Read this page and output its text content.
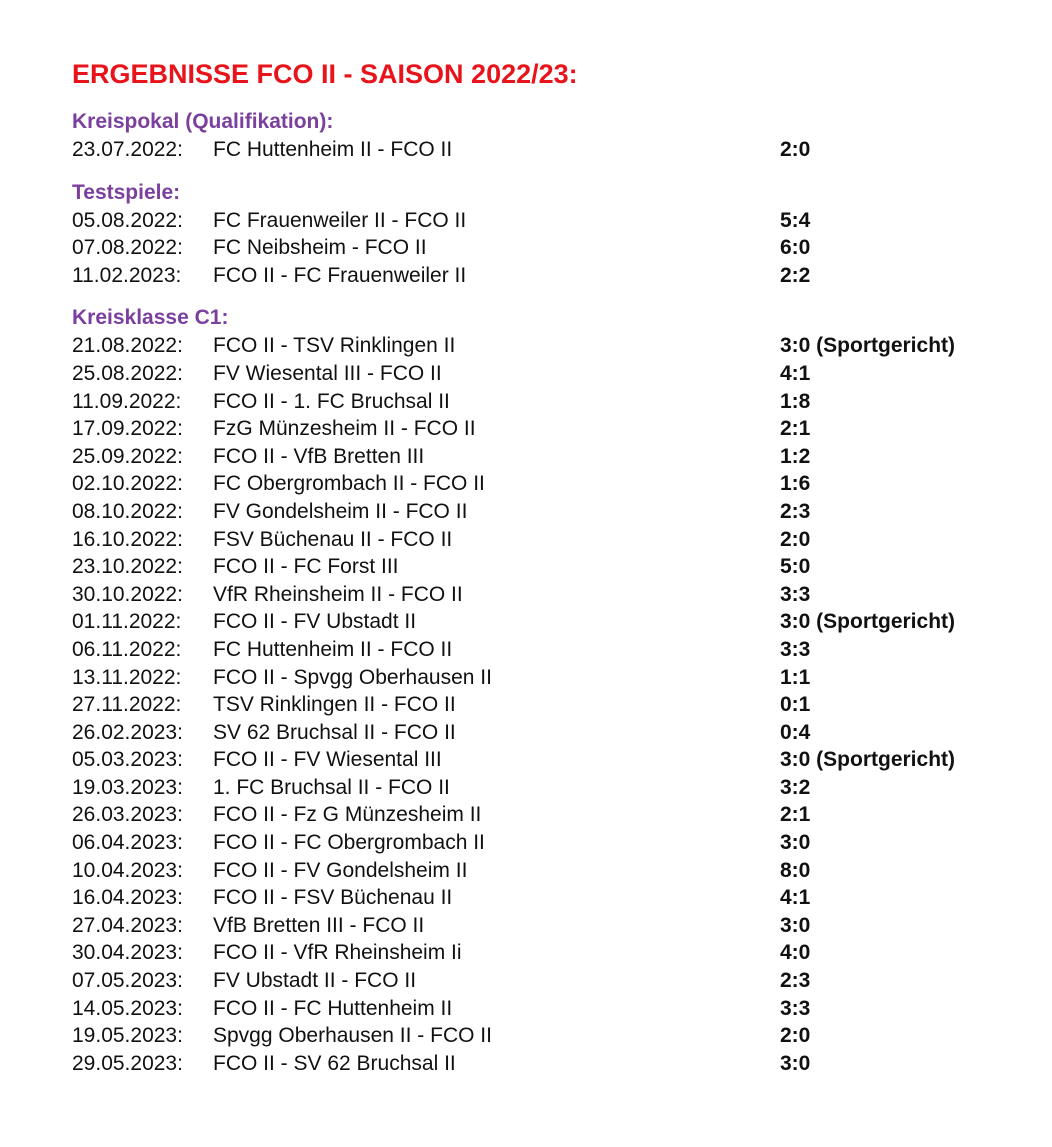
ERGEBNISSE FCO II - SAISON 2022/23:
Kreispokal (Qualifikation):
23.07.2022: FC Huttenheim II - FCO II	2:0
Testspiele:
05.08.2022: FC Frauenweiler II - FCO II	5:4
07.08.2022: FC Neibsheim - FCO II	6:0
11.02.2023: FCO II - FC Frauenweiler II	2:2
Kreisklasse C1:
21.08.2022: FCO II - TSV Rinklingen II	3:0 (Sportgericht)
25.08.2022: FV Wiesental III - FCO II	4:1
11.09.2022: FCO II - 1. FC Bruchsal II	1:8
17.09.2022: FzG Münzesheim II - FCO II	2:1
25.09.2022: FCO II - VfB Bretten III	1:2
02.10.2022: FC Obergrombach II - FCO II	1:6
08.10.2022: FV Gondelsheim II - FCO II	2:3
16.10.2022: FSV Büchenau II - FCO II	2:0
23.10.2022: FCO II - FC Forst III	5:0
30.10.2022: VfR Rheinsheim II - FCO II	3:3
01.11.2022: FCO II - FV Ubstadt II	3:0 (Sportgericht)
06.11.2022: FC Huttenheim II - FCO II	3:3
13.11.2022: FCO II - Spvgg Oberhausen II	1:1
27.11.2022: TSV Rinklingen II - FCO II	0:1
26.02.2023: SV 62 Bruchsal II - FCO II	0:4
05.03.2023: FCO II - FV Wiesental III	3:0 (Sportgericht)
19.03.2023: 1. FC Bruchsal II - FCO II	3:2
26.03.2023: FCO II - Fz G Münzesheim II	2:1
06.04.2023: FCO II - FC Obergrombach II	3:0
10.04.2023: FCO II - FV Gondelsheim II	8:0
16.04.2023: FCO II - FSV Büchenau II	4:1
27.04.2023: VfB Bretten III - FCO II	3:0
30.04.2023: FCO II - VfR Rheinsheim Ii	4:0
07.05.2023: FV Ubstadt II - FCO II	2:3
14.05.2023: FCO II - FC Huttenheim II	3:3
19.05.2023: Spvgg Oberhausen II - FCO II	2:0
29.05.2023: FCO II - SV 62 Bruchsal II	3:0
